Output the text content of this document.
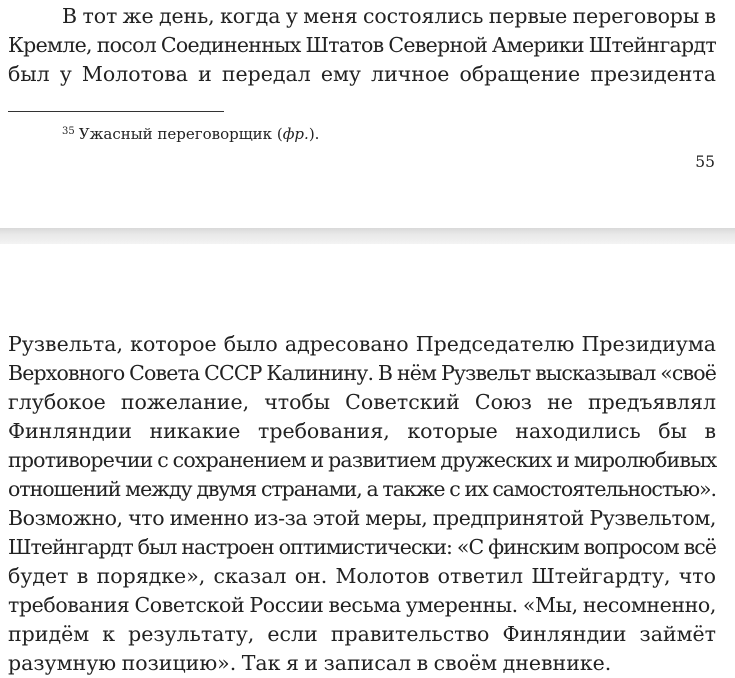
В тот же день, когда у меня состоялись первые переговоры в
Кремле, посол Соединенных Штатов Северной Америки Штейнгардт
был у Молотова и передал ему личное обращение президента

$^{35}$ Ужасный переговорщик (фр.).
55

Рузвельта, которое было адресовано Председателю Президиума
Верховного Совета СССР Калинину. В нём Рузвельт высказывал «своё
глубокое пожелание, чтобы Советский Союз не предъявлял
Финляндии никакие требования, которые находились бы в
противоречии с сохранением и развитием дружеских и миролюбивых
отношений между двумя странами, а также с их самостоятельностью».
Возможно, что именно из-за этой меры, предпринятой Рузвельтом,
Штейнгардт был настроен оптимистически: «С финским вопросом всё
будет в порядке», сказал он. Молотов ответил Штейгардту, что
требования Советской России весьма умеренны. «Мы, несомненно,
придём к результату, если правительство Финляндии займёт
разумную позицию». Так я и записал в своём дневнике.
